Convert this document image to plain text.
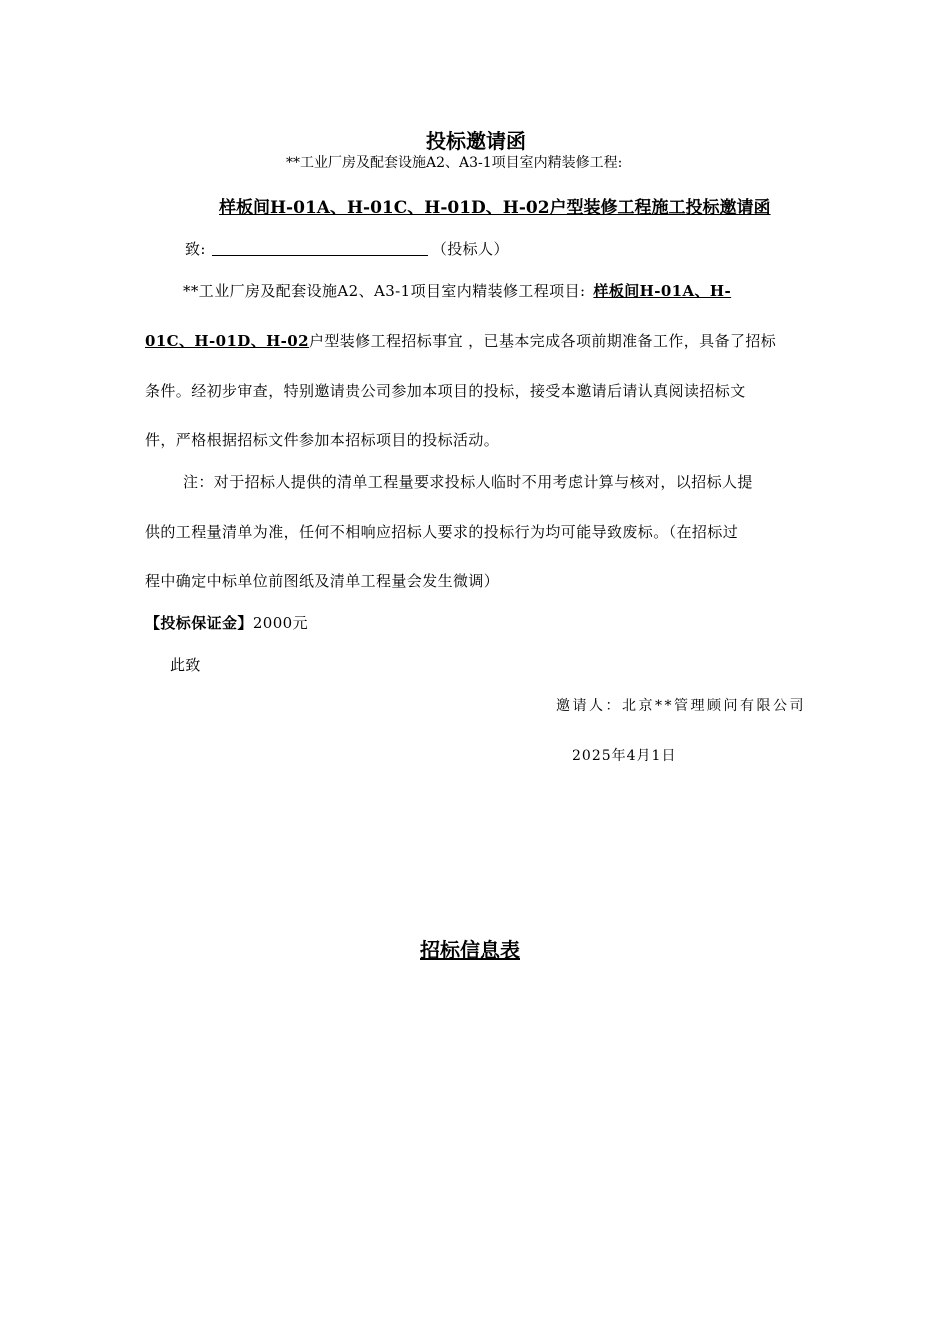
投标邀请函
**工业厂房及配套设施A2、A3-1项目室内精装修工程:
样板间H-01A、H-01C、H-01D、H-02户型装修工程施工投标邀请函
致:	（投标人）
**工业厂房及配套设施A2、A3-1项目室内精装修工程项目: 样板间H-01A、H-
01C、H-01D、H-02户型装修工程招标事宜 ，已基本完成各项前期准备工作，具备了招标
条件。经初步审查，特别邀请贵公司参加本项目的投标，接受本邀请后请认真阅读招标文
件，严格根据招标文件参加本招标项目的投标活动。
注：对于招标人提供的清单工程量要求投标人临时不用考虑计算与核对，以招标人提
供的工程量清单为准，任何不相响应招标人要求的投标行为均可能导致废标。（在招标过
程中确定中标单位前图纸及清单工程量会发生微调）
【投标保证金】2000元
此致
邀请人：北京**管理顾问有限公司
2025年4月1日
招标信息表
